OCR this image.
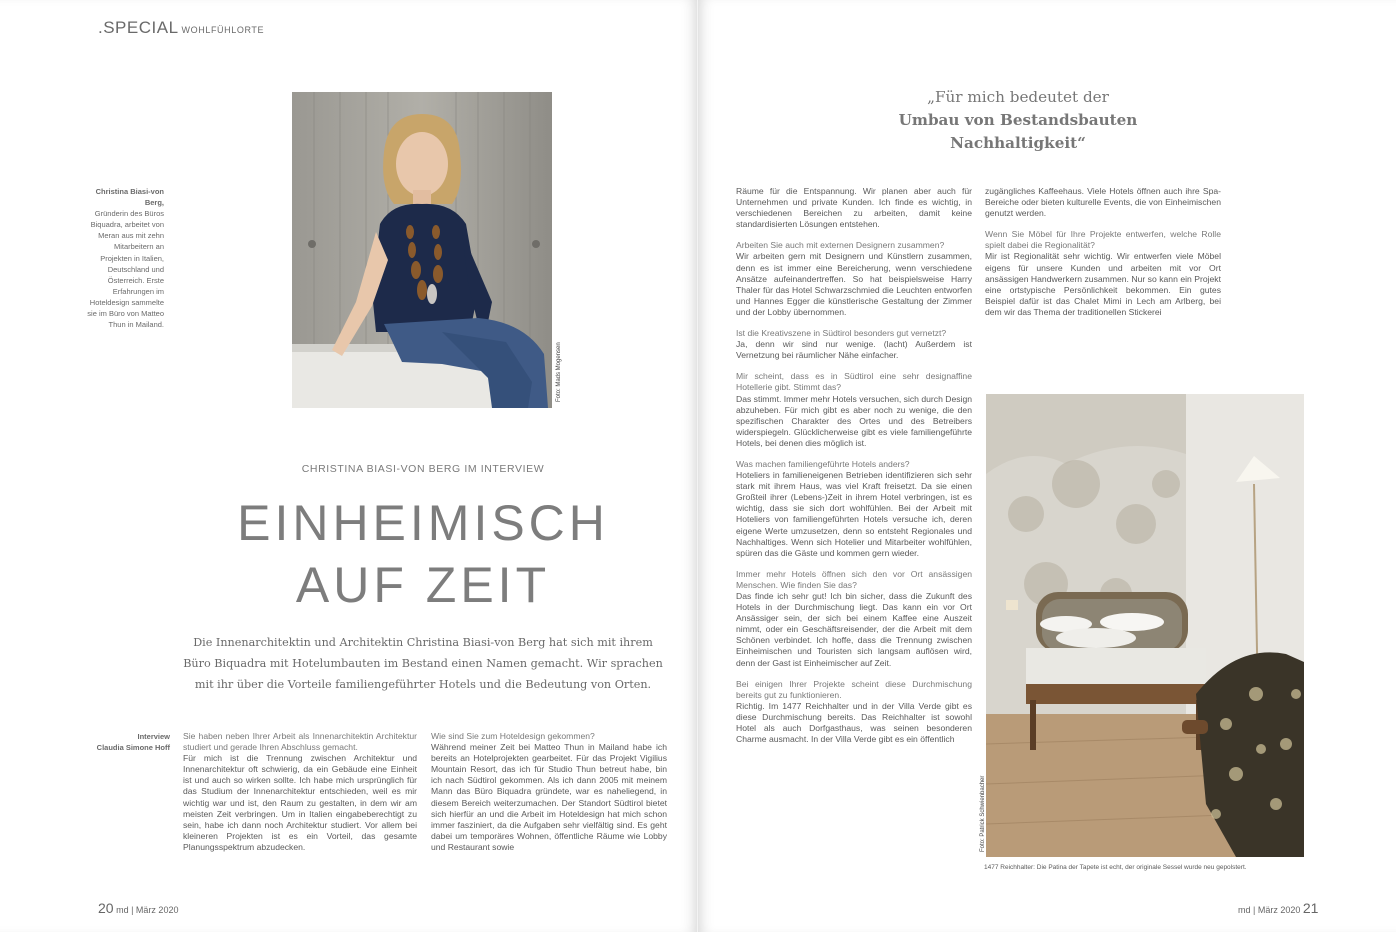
.SPECIAL WOHLFÜHLORTE
Foto: Mads Mogensen
Christina Biasi-von Berg,
Gründerin des Büros Biquadra, arbeitet von Meran aus mit zehn Mitarbeitern an Projekten in Italien, Deutschland und Österreich. Erste Erfahrungen im Hoteldesign sammelte sie im Büro von Matteo Thun in Mailand.
CHRISTINA BIASI-VON BERG IM INTERVIEW
EINHEIMISCH
AUF ZEIT
Die Innenarchitektin und Architektin Christina Biasi-von Berg hat sich mit ihrem Büro Biquadra mit Hotelumbauten im Bestand einen Namen gemacht. Wir sprachen mit ihr über die Vorteile familiengeführter Hotels und die Bedeutung von Orten.
Interview
Claudia Simone Hoff
Sie haben neben Ihrer Arbeit als Innenarchitektin Architektur studiert und gerade Ihren Abschluss gemacht.
Für mich ist die Trennung zwischen Architektur und Innenarchitektur oft schwierig, da ein Gebäude eine Einheit ist und auch so wirken sollte. Ich habe mich ursprünglich für das Studium der Innenarchitektur entschieden, weil es mir wichtig war und ist, den Raum zu gestalten, in dem wir am meisten Zeit verbringen. Um in Italien eingabeberechtigt zu sein, habe ich dann noch Architektur studiert. Vor allem bei kleineren Projekten ist es ein Vorteil, das gesamte Planungsspektrum abzudecken.
Wie sind Sie zum Hoteldesign gekommen?
Während meiner Zeit bei Matteo Thun in Mailand habe ich bereits an Hotelprojekten gearbeitet. Für das Projekt Vigilius Mountain Resort, das ich für Studio Thun betreut habe, bin ich nach Südtirol gekommen. Als ich dann 2005 mit meinem Mann das Büro Biquadra gründete, war es naheliegend, in diesem Bereich weiterzumachen. Der Standort Südtirol bietet sich hierfür an und die Arbeit im Hoteldesign hat mich schon immer fasziniert, da die Aufgaben sehr vielfältig sind. Es geht dabei um temporäres Wohnen, öffentliche Räume wie Lobby und Restaurant sowie
20 md | März 2020
„Für mich bedeutet der
Umbau von Bestandsbauten
Nachhaltigkeit“

Räume für die Entspannung. Wir planen aber auch für Unternehmen und private Kunden. Ich finde es wichtig, in verschiedenen Bereichen zu arbeiten, damit keine standardisierten Lösungen entstehen.

Arbeiten Sie auch mit externen Designern zusammen?
Wir arbeiten gern mit Designern und Künstlern zusammen, denn es ist immer eine Bereicherung, wenn verschiedene Ansätze aufeinandertreffen. So hat beispielsweise Harry Thaler für das Hotel Schwarzschmied die Leuchten entworfen und Hannes Egger die künstlerische Gestaltung der Zimmer und der Lobby übernommen.

Ist die Kreativszene in Südtirol besonders gut vernetzt?
Ja, denn wir sind nur wenige. (lacht) Außerdem ist Vernetzung bei räumlicher Nähe einfacher.

Mir scheint, dass es in Südtirol eine sehr designaffine Hotellerie gibt. Stimmt das?
Das stimmt. Immer mehr Hotels versuchen, sich durch Design abzuheben. Für mich gibt es aber noch zu wenige, die den spezifischen Charakter des Ortes und des Betreibers widerspiegeln. Glücklicherweise gibt es viele familiengeführte Hotels, bei denen dies möglich ist.

Was machen familiengeführte Hotels anders?
Hoteliers in familieneigenen Betrieben identifizieren sich sehr stark mit ihrem Haus, was viel Kraft freisetzt. Da sie einen Großteil ihrer (Lebens-)Zeit in ihrem Hotel verbringen, ist es wichtig, dass sie sich dort wohlfühlen. Bei der Arbeit mit Hoteliers von familiengeführten Hotels versuche ich, deren eigene Werte umzusetzen, denn so entsteht Regionales und Nachhaltiges. Wenn sich Hotelier und Mitarbeiter wohlfühlen, spüren das die Gäste und kommen gern wieder.

Immer mehr Hotels öffnen sich den vor Ort ansässigen Menschen. Wie finden Sie das?
Das finde ich sehr gut! Ich bin sicher, dass die Zukunft des Hotels in der Durchmischung liegt. Das kann ein vor Ort Ansässiger sein, der sich bei einem Kaffee eine Auszeit nimmt, oder ein Geschäftsreisender, der die Arbeit mit dem Schönen verbindet. Ich hoffe, dass die Trennung zwischen Einheimischen und Touristen sich langsam auflösen wird, denn der Gast ist Einheimischer auf Zeit.

Bei einigen Ihrer Projekte scheint diese Durchmischung bereits gut zu funktionieren.
Richtig. Im 1477 Reichhalter und in der Villa Verde gibt es diese Durchmischung bereits. Das Reichhalter ist sowohl Hotel als auch Dorfgasthaus, was seinen besonderen Charme ausmacht. In der Villa Verde gibt es ein öffentlich

zugängliches Kaffeehaus. Viele Hotels öffnen auch ihre Spa-Bereiche oder bieten kulturelle Events, die von Einheimischen genutzt werden.

Wenn Sie Möbel für Ihre Projekte entwerfen, welche Rolle spielt dabei die Regionalität?
Mir ist Regionalität sehr wichtig. Wir entwerfen viele Möbel eigens für unsere Kunden und arbeiten mit vor Ort ansässigen Handwerkern zusammen. Nur so kann ein Projekt eine ortstypische Persönlichkeit bekommen. Ein gutes Beispiel dafür ist das Chalet Mimi in Lech am Arlberg, bei dem wir das Thema der traditionellen Stickerei

Foto: Patrick Schwienbacher
1477 Reichhalter: Die Patina der Tapete ist echt, der originale Sessel wurde neu gepolstert.
md | März 2020 21
